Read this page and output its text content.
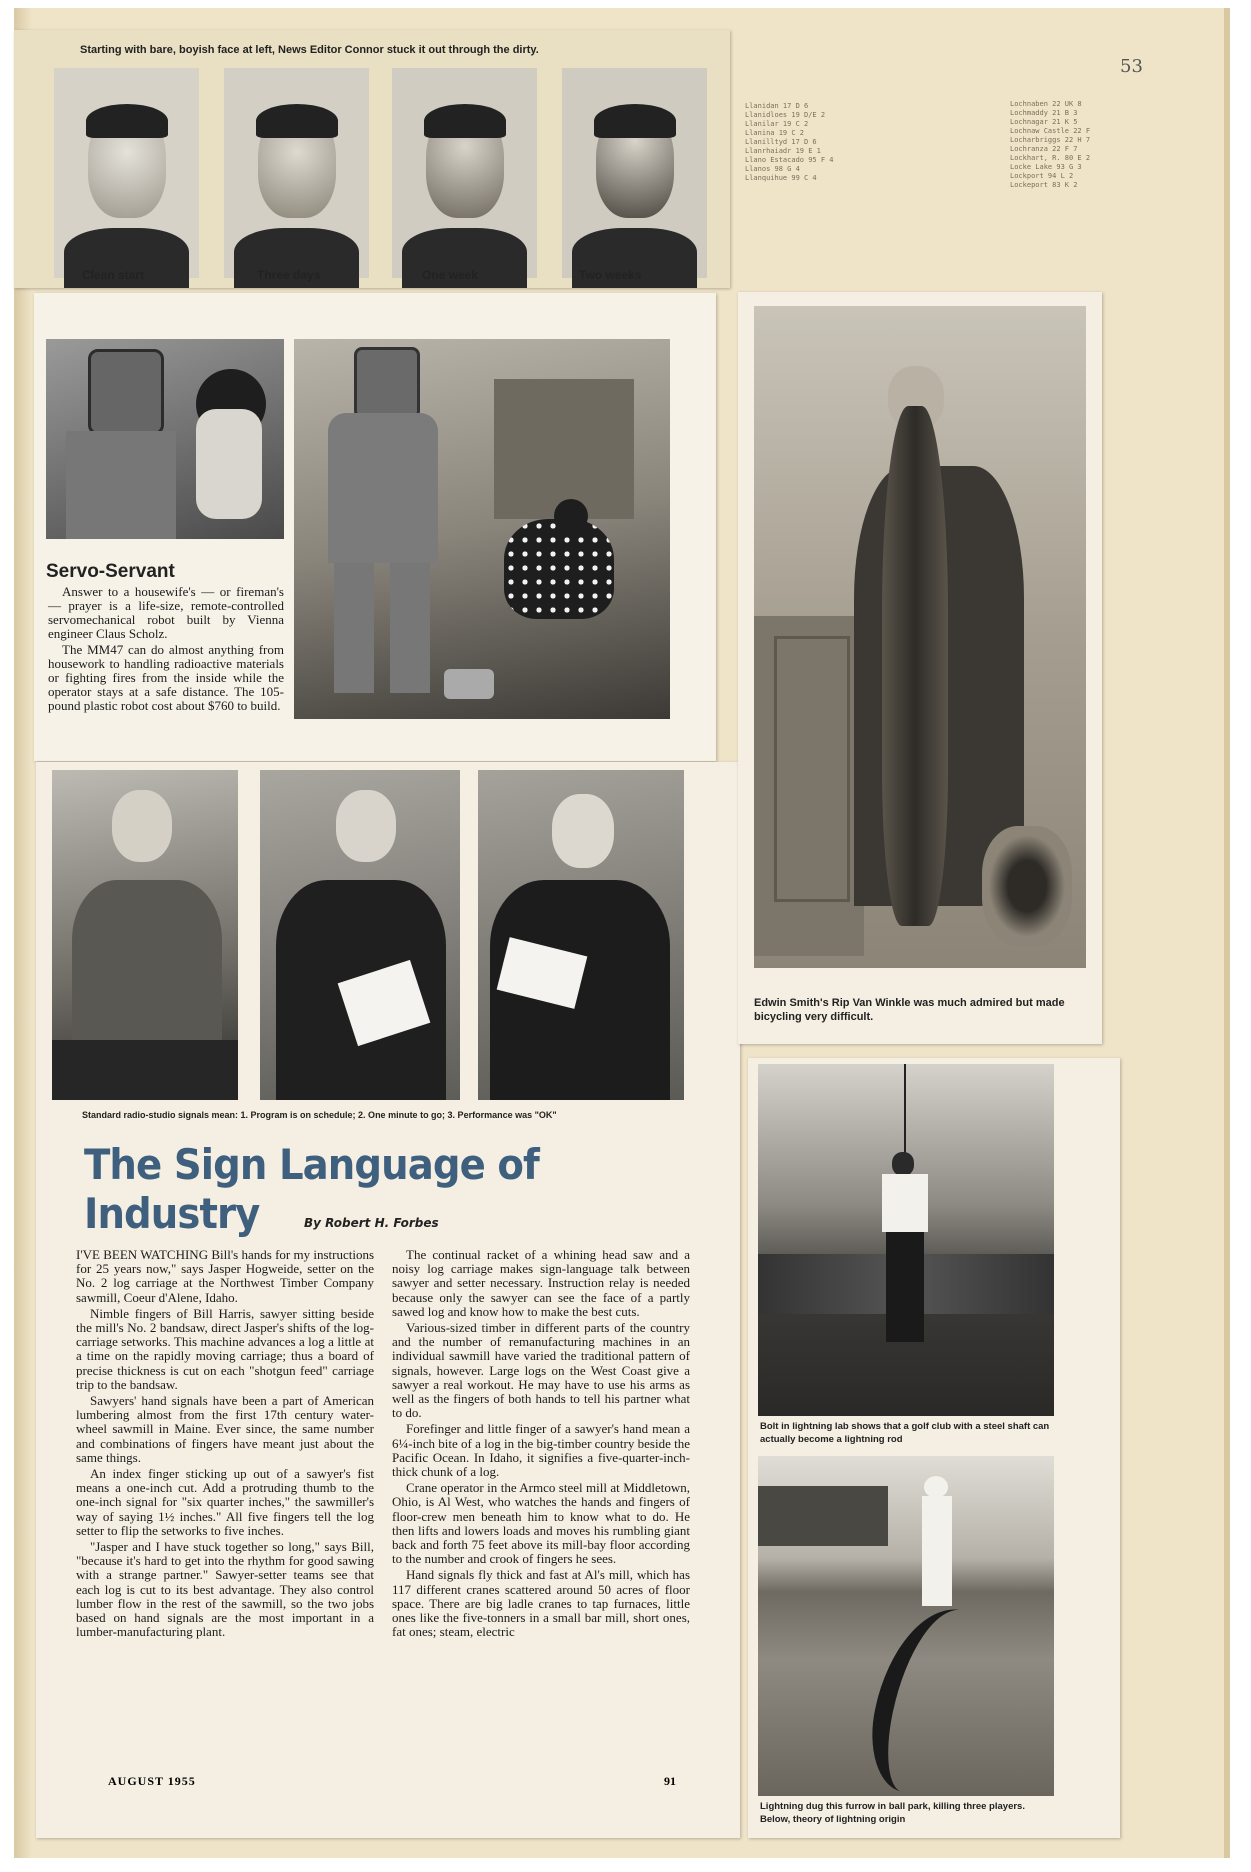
53
Llanidan 17 D 6
Llanidloes 19 D/E 2
Llanilar 19 C 2
Llanina 19 C 2
Llanilltyd 17 D 6
Llanrhaiadr 19 E 1
Llano Estacado 95 F 4
Llanos 98 G 4
Llanquihue 99 C 4
Lochnaben 22 UK 8
Lochmaddy 21 B 3
Lochnagar 21 K 5
Lochnaw Castle 22 F
Locharbriggs 22 H 7
Lochranza 22 F 7
Lockhart, R. 80 E 2
Locke Lake 93 G 3
Lockport 94 L 2
Lockeport 83 K 2
Starting with bare, boyish face at left, News Editor Connor stuck it out through the dirty.
Clean start	Three days	One week	Two weeks
Servo-Servant

Answer to a housewife's — or fireman's — prayer is a life-size, remote-controlled servomechanical robot built by Vienna engineer Claus Scholz.

The MM47 can do almost anything from housework to handling radioactive materials or fighting fires from the inside while the operator stays at a safe distance. The 105-pound plastic robot cost about $760 to build.

Standard radio-studio signals mean: 1. Program is on schedule; 2. One minute to go; 3. Performance was "OK"
The Sign Language of Industry	By Robert H. Forbes

I'VE BEEN WATCHING Bill's hands for my instructions for 25 years now," says Jasper Hogweide, setter on the No. 2 log carriage at the Northwest Timber Company sawmill, Coeur d'Alene, Idaho.

Nimble fingers of Bill Harris, sawyer sitting beside the mill's No. 2 bandsaw, direct Jasper's shifts of the log-carriage setworks. This machine advances a log a little at a time on the rapidly moving carriage; thus a board of precise thickness is cut on each "shotgun feed" carriage trip to the bandsaw.

Sawyers' hand signals have been a part of American lumbering almost from the first 17th century water-wheel sawmill in Maine. Ever since, the same number and combinations of fingers have meant just about the same things.

An index finger sticking up out of a sawyer's fist means a one-inch cut. Add a protruding thumb to the one-inch signal for "six quarter inches," the sawmiller's way of saying 1½ inches." All five fingers tell the log setter to flip the setworks to five inches.

"Jasper and I have stuck together so long," says Bill, "because it's hard to get into the rhythm for good sawing with a strange partner." Sawyer-setter teams see that each log is cut to its best advantage. They also control lumber flow in the rest of the sawmill, so the two jobs based on hand signals are the most important in a lumber-manufacturing plant.

The continual racket of a whining head saw and a noisy log carriage makes sign-language talk between sawyer and setter necessary. Instruction relay is needed because only the sawyer can see the face of a partly sawed log and know how to make the best cuts.

Various-sized timber in different parts of the country and the number of remanufacturing machines in an individual sawmill have varied the traditional pattern of signals, however. Large logs on the West Coast give a sawyer a real workout. He may have to use his arms as well as the fingers of both hands to tell his partner what to do.

Forefinger and little finger of a sawyer's hand mean a 6¼-inch bite of a log in the big-timber country beside the Pacific Ocean. In Idaho, it signifies a five-quarter-inch-thick chunk of a log.

Crane operator in the Armco steel mill at Middletown, Ohio, is Al West, who watches the hands and fingers of floor-crew men beneath him to know what to do. He then lifts and lowers loads and moves his rumbling giant back and forth 75 feet above its mill-bay floor according to the number and crook of fingers he sees.

Hand signals fly thick and fast at Al's mill, which has 117 different cranes scattered around 50 acres of floor space. There are big ladle cranes to tap furnaces, little ones like the five-tonners in a small bar mill, short ones, fat ones; steam, electric

AUGUST 1955	91
Edwin Smith's Rip Van Winkle was much admired but made bicycling very difficult.
Bolt in lightning lab shows that a golf club with a steel shaft can actually become a lightning rod
Lightning dug this furrow in ball park, killing three players. Below, theory of lightning origin
